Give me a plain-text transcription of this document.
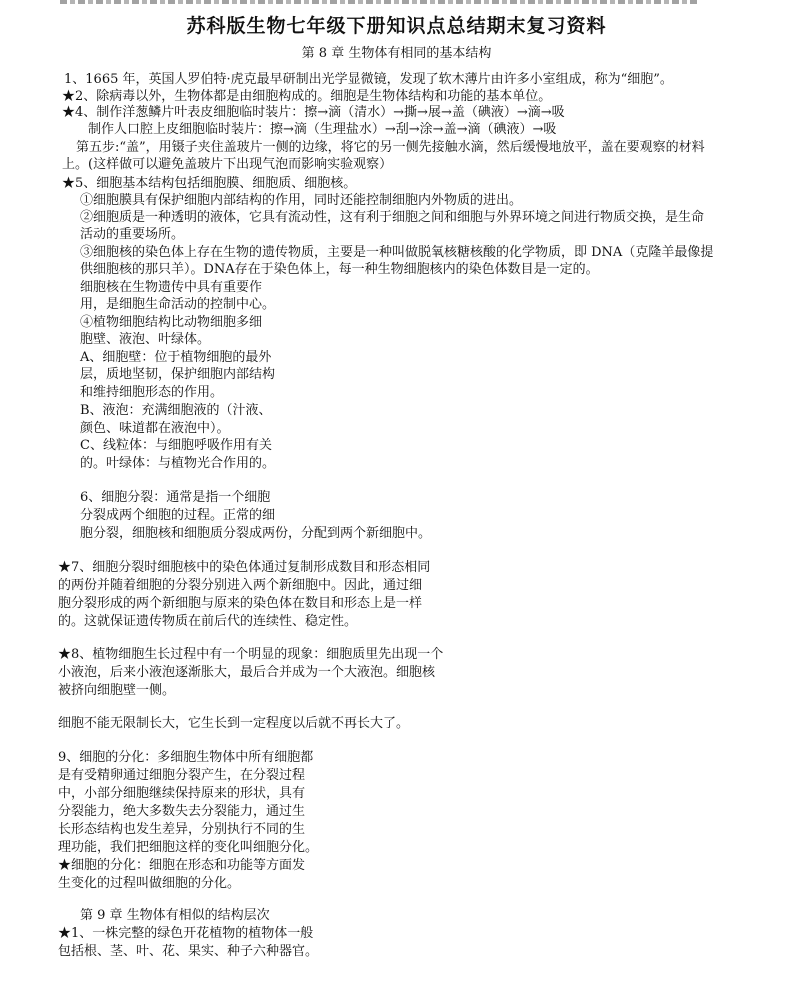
苏科版生物七年级下册知识点总结期末复习资料
第 8 章 生物体有相同的基本结构
1、1665 年，英国人罗伯特·虎克最早研制出光学显微镜，发现了软木薄片由许多小室组成，称为“细胞”。
★2、除病毒以外，生物体都是由细胞构成的。细胞是生物体结构和功能的基本单位。
★4、制作洋葱鳞片叶表皮细胞临时装片：擦→滴（清水）→撕→展→盖（碘液）→滴→吸
制作人口腔上皮细胞临时装片：擦→滴（生理盐水）→刮→涂→盖→滴（碘液）→吸
第五步:“盖”，用镊子夹住盖玻片一侧的边缘，将它的另一侧先接触水滴，然后缓慢地放平，盖在要观察的材料
上。(这样做可以避免盖玻片下出现气泡而影响实验观察）
★5、细胞基本结构包括细胞膜、细胞质、细胞核。
①细胞膜具有保护细胞内部结构的作用，同时还能控制细胞内外物质的进出。
②细胞质是一种透明的液体，它具有流动性，这有利于细胞之间和细胞与外界环境之间进行物质交换，是生命
活动的重要场所。
③细胞核的染色体上存在生物的遗传物质，主要是一种叫做脱氧核糖核酸的化学物质，即 DNA（克隆羊最像提
供细胞核的那只羊）。DNA存在于染色体上，每一种生物细胞核内的染色体数目是一定的。
细胞核在生物遗传中具有重要作
用，是细胞生命活动的控制中心。
④植物细胞结构比动物细胞多细
胞壁、液泡、叶绿体。
A、细胞壁：位于植物细胞的最外
层，质地坚韧，保护细胞内部结构
和维持细胞形态的作用。
B、液泡：充满细胞液的（汁液、
颜色、味道都在液泡中）。
C、线粒体：与细胞呼吸作用有关
的。叶绿体：与植物光合作用的。
6、细胞分裂：通常是指一个细胞
分裂成两个细胞的过程。正常的细
胞分裂，细胞核和细胞质分裂成两份，分配到两个新细胞中。
★7、细胞分裂时细胞核中的染色体通过复制形成数目和形态相同
的两份并随着细胞的分裂分别进入两个新细胞中。因此，通过细
胞分裂形成的两个新细胞与原来的染色体在数目和形态上是一样
的。这就保证遗传物质在前后代的连续性、稳定性。
★8、植物细胞生长过程中有一个明显的现象：细胞质里先出现一个
小液泡，后来小液泡逐渐胀大，最后合并成为一个大液泡。细胞核
被挤向细胞壁一侧。
细胞不能无限制长大，它生长到一定程度以后就不再长大了。
9、细胞的分化：多细胞生物体中所有细胞都
是有受精卵通过细胞分裂产生，在分裂过程
中，小部分细胞继续保持原来的形状，具有
分裂能力，绝大多数失去分裂能力，通过生
长形态结构也发生差异，分别执行不同的生
理功能，我们把细胞这样的变化叫细胞分化。
★细胞的分化：细胞在形态和功能等方面发
生变化的过程叫做细胞的分化。
第 9 章 生物体有相似的结构层次
★1、一株完整的绿色开花植物的植物体一般
包括根、茎、叶、花、果实、种子六种器官。
